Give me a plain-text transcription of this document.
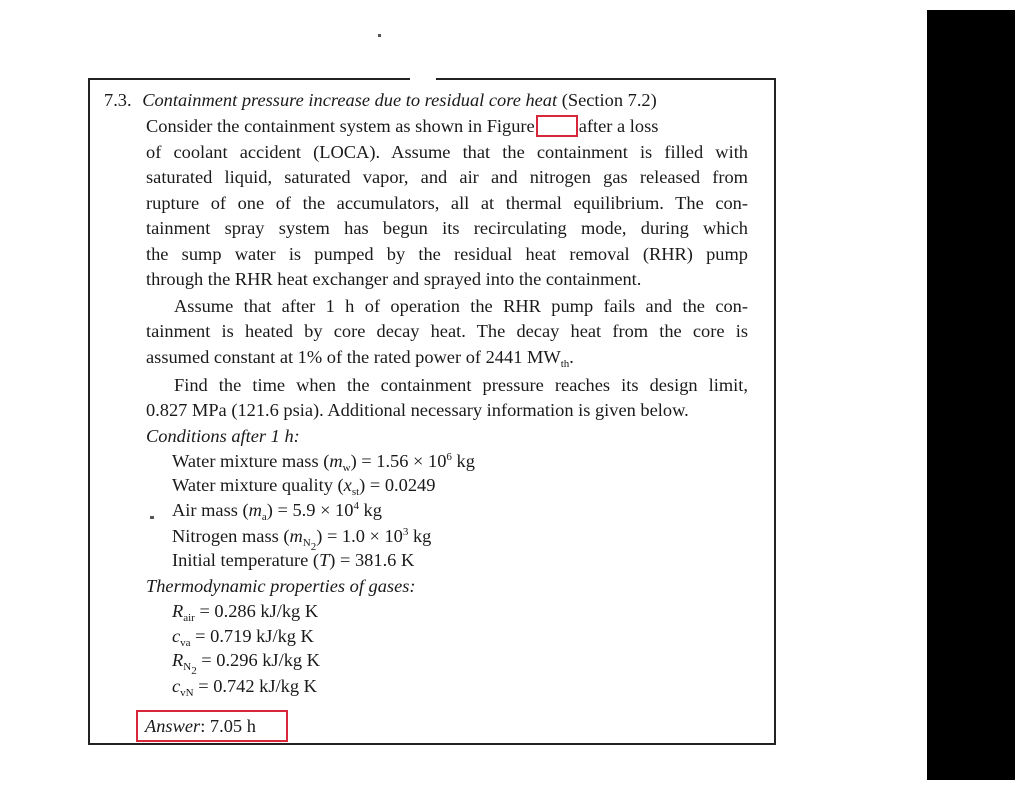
7.3. Containment pressure increase due to residual core heat (Section 7.2)
Consider the containment system as shown in Figure after a loss
of coolant accident (LOCA). Assume that the containment is filled with
saturated liquid, saturated vapor, and air and nitrogen gas released from
rupture of one of the accumulators, all at thermal equilibrium. The con-
tainment spray system has begun its recirculating mode, during which
the sump water is pumped by the residual heat removal (RHR) pump
through the RHR heat exchanger and sprayed into the containment.
Assume that after 1 h of operation the RHR pump fails and the con-
tainment is heated by core decay heat. The decay heat from the core is
assumed constant at 1% of the rated power of 2441 $MW_{th}$.
Find the time when the containment pressure reaches its design limit,
0.827 MPa (121.6 psia). Additional necessary information is given below.
Conditions after 1 h:
Water mixture mass $(m_w) = 1.56 \times 10^6$ kg
Water mixture quality $(x_{st}) = 0.0249$
Air mass $(m_a) = 5.9 \times 10^4$ kg
Nitrogen mass $(m_{N_2}) = 1.0 \times 10^3$ kg
Initial temperature (T) = 381.6 K
Thermodynamic properties of gases:
$R_{air} = 0.286$ kJ/kg K
$c_{va} = 0.719$ kJ/kg K
$R_{N_2} = 0.296$ kJ/kg K
$c_{vN} = 0.742$ kJ/kg K
Answer: 7.05 h
